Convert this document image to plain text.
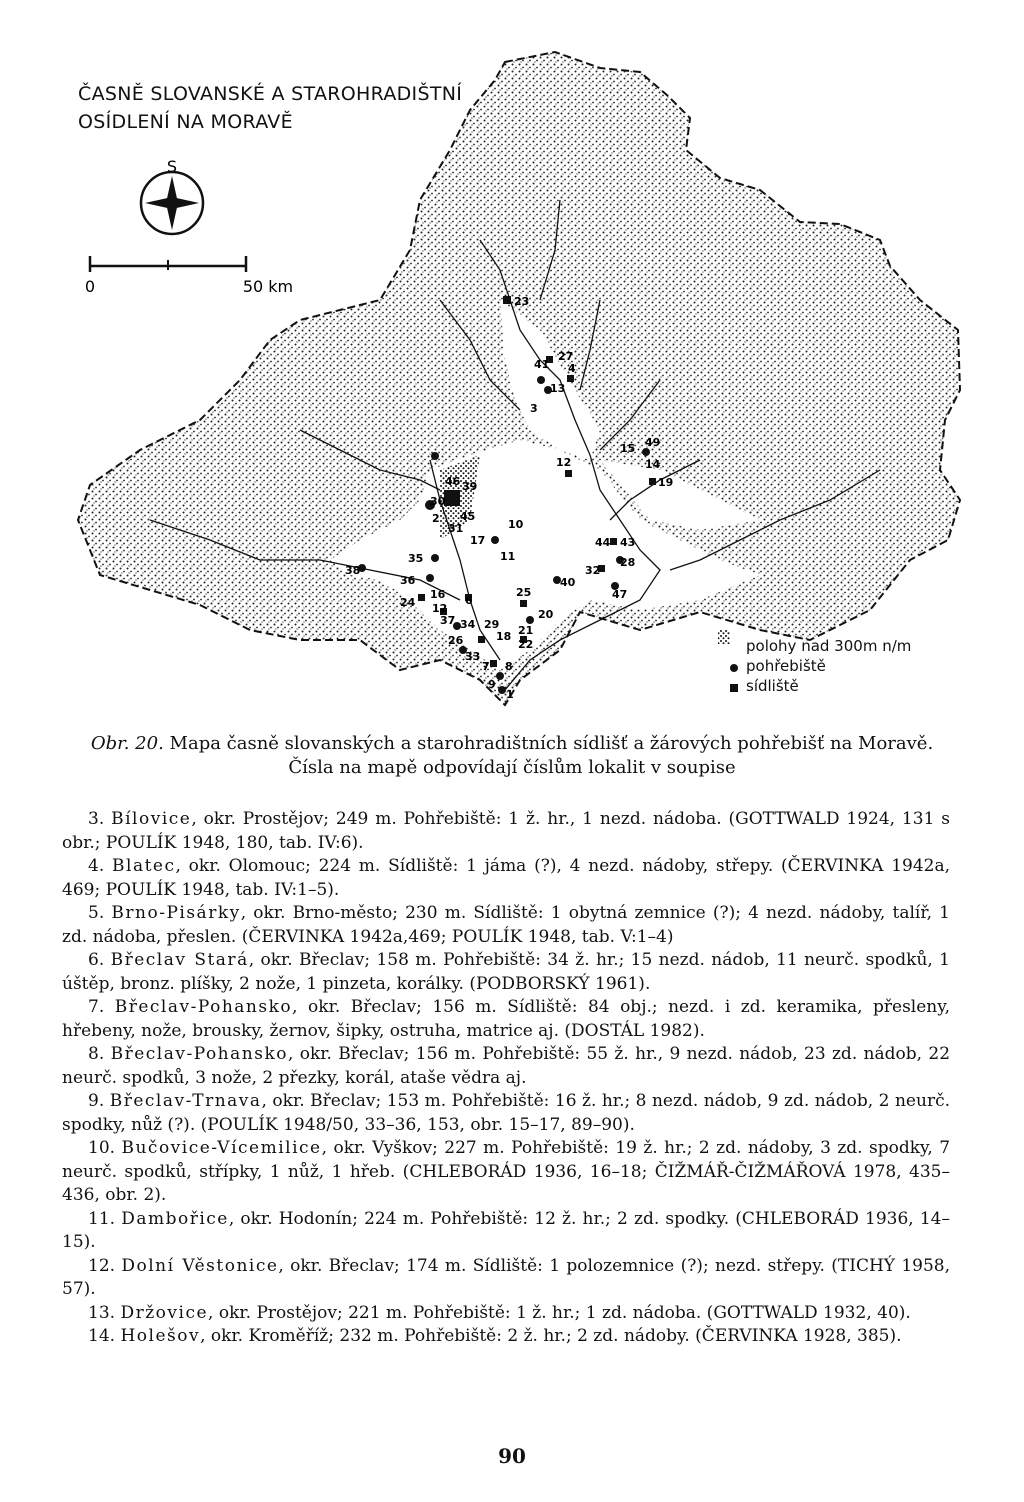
ČASNĚ SLOVANSKÉ A STAROHRADIŠTNÍ
OSÍDLENÍ NA MORAVĚ
S
0	50 km
23
27
41 4
13
3
12
15 49
14
19
46 39
30
45
2
31
17
10
11
44 43
28
35
38
36	40
32
47
16
24 12
25
37
6
34 29
20
26	18 21
22
33
7 8
9
1
polohy nad 300m n/m
pohřebiště
sídliště
Obr. 20. Mapa časně slovanských a starohradištních sídlišť a žárových pohřebišť na Moravě.
Čísla na mapě odpovídají číslům lokalit v soupise

3. Bílovice, okr. Prostějov; 249 m. Pohřebiště: 1 ž. hr., 1 nezd. nádoba. (GOTTWALD 1924, 131 s obr.; POULÍK 1948, 180, tab. IV:6).

4. Blatec, okr. Olomouc; 224 m. Sídliště: 1 jáma (?), 4 nezd. nádoby, střepy. (ČERVINKA 1942a, 469; POULÍK 1948, tab. IV:1–5).

5. Brno-Pisárky, okr. Brno-město; 230 m. Sídliště: 1 obytná zemnice (?); 4 nezd. nádoby, talíř, 1 zd. nádoba, přeslen. (ČERVINKA 1942a,469; POULÍK 1948, tab. V:1–4)

6. Břeclav Stará, okr. Břeclav; 158 m. Pohřebiště: 34 ž. hr.; 15 nezd. nádob, 11 neurč. spodků, 1 úštěp, bronz. plíšky, 2 nože, 1 pinzeta, korálky. (PODBORSKÝ 1961).

7. Břeclav-Pohansko, okr. Břeclav; 156 m. Sídliště: 84 obj.; nezd. i zd. keramika, přesleny, hřebeny, nože, brousky, žernov, šipky, ostruha, matrice aj. (DOSTÁL 1982).

8. Břeclav-Pohansko, okr. Břeclav; 156 m. Pohřebiště: 55 ž. hr., 9 nezd. nádob, 23 zd. nádob, 22 neurč. spodků, 3 nože, 2 přezky, korál, ataše vědra aj.

9. Břeclav-Trnava, okr. Břeclav; 153 m. Pohřebiště: 16 ž. hr.; 8 nezd. nádob, 9 zd. nádob, 2 neurč. spodky, nůž (?). (POULÍK 1948/50, 33–36, 153, obr. 15–17, 89–90).

10. Bučovice-Vícemilice, okr. Vyškov; 227 m. Pohřebiště: 19 ž. hr.; 2 zd. nádoby, 3 zd. spodky, 7 neurč. spodků, střípky, 1 nůž, 1 hřeb. (CHLEBORÁD 1936, 16–18; ČIŽMÁŘ-ČIŽMÁŘOVÁ 1978, 435–436, obr. 2).

11. Dambořice, okr. Hodonín; 224 m. Pohřebiště: 12 ž. hr.; 2 zd. spodky. (CHLEBORÁD 1936, 14–15).

12. Dolní Věstonice, okr. Břeclav; 174 m. Sídliště: 1 polozemnice (?); nezd. střepy. (TICHÝ 1958, 57).

13. Držovice, okr. Prostějov; 221 m. Pohřebiště: 1 ž. hr.; 1 zd. nádoba. (GOTTWALD 1932, 40).

14. Holešov, okr. Kroměříž; 232 m. Pohřebiště: 2 ž. hr.; 2 zd. nádoby. (ČERVINKA 1928, 385).

90
